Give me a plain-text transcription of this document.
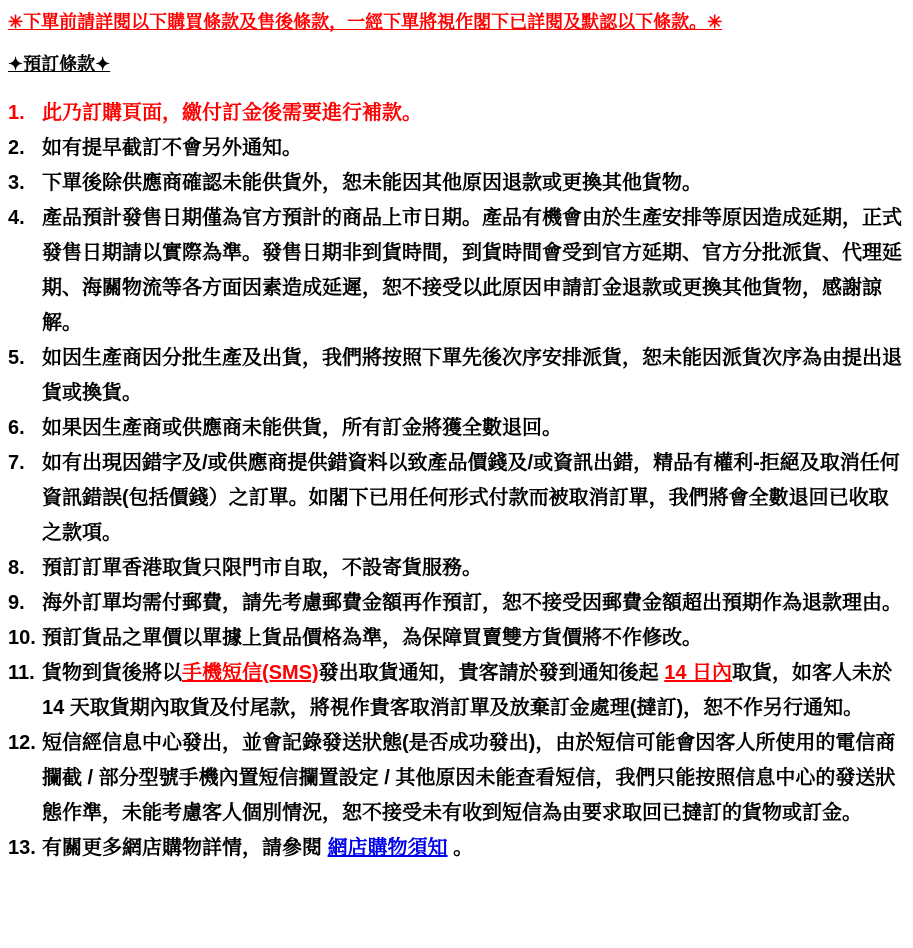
✳下單前請詳閱以下購買條款及售後條款，一經下單將視作閣下已詳閱及默認以下條款。✳

✦預訂條款✦

1. 此乃訂購頁面，繳付訂金後需要進行補款。
2. 如有提早截訂不會另外通知。
3. 下單後除供應商確認未能供貨外，恕未能因其他原因退款或更換其他貨物。
4. 產品預計發售日期僅為官方預計的商品上市日期。產品有機會由於生產安排等原因造成延期，正式發售日期請以實際為準。發售日期非到貨時間，到貨時間會受到官方延期、官方分批派貨、代理延期、海關物流等各方面因素造成延遲，恕不接受以此原因申請訂金退款或更換其他貨物，感謝諒解。
5. 如因生產商因分批生產及出貨，我們將按照下單先後次序安排派貨，恕未能因派貨次序為由提出退貨或換貨。
6. 如果因生產商或供應商未能供貨，所有訂金將獲全數退回。
7. 如有出現因錯字及/或供應商提供錯資料以致產品價錢及/或資訊出錯，精品有權利-拒絕及取消任何資訊錯誤(包括價錢）之訂單。如閣下已用任何形式付款而被取消訂單，我們將會全數退回已收取之款項。
8. 預訂訂單香港取貨只限門市自取，不設寄貨服務。
9. 海外訂單均需付郵費，請先考慮郵費金額再作預訂，恕不接受因郵費金額超出預期作為退款理由。
10. 預訂貨品之單價以單據上貨品價格為準，為保障買賣雙方貨價將不作修改。
11. 貨物到貨後將以手機短信(SMS)發出取貨通知，貴客請於發到通知後起 14 日內取貨，如客人未於 14 天取貨期內取貨及付尾款，將視作貴客取消訂單及放棄訂金處理(撻訂)，恕不作另行通知。
12. 短信經信息中心發出，並會記錄發送狀態(是否成功發出)，由於短信可能會因客人所使用的電信商攔截 / 部分型號手機內置短信攔置設定 / 其他原因未能查看短信，我們只能按照信息中心的發送狀態作準，未能考慮客人個別情況，恕不接受未有收到短信為由要求取回已撻訂的貨物或訂金。
13. 有關更多網店購物詳情，請參閱 網店購物須知 。
